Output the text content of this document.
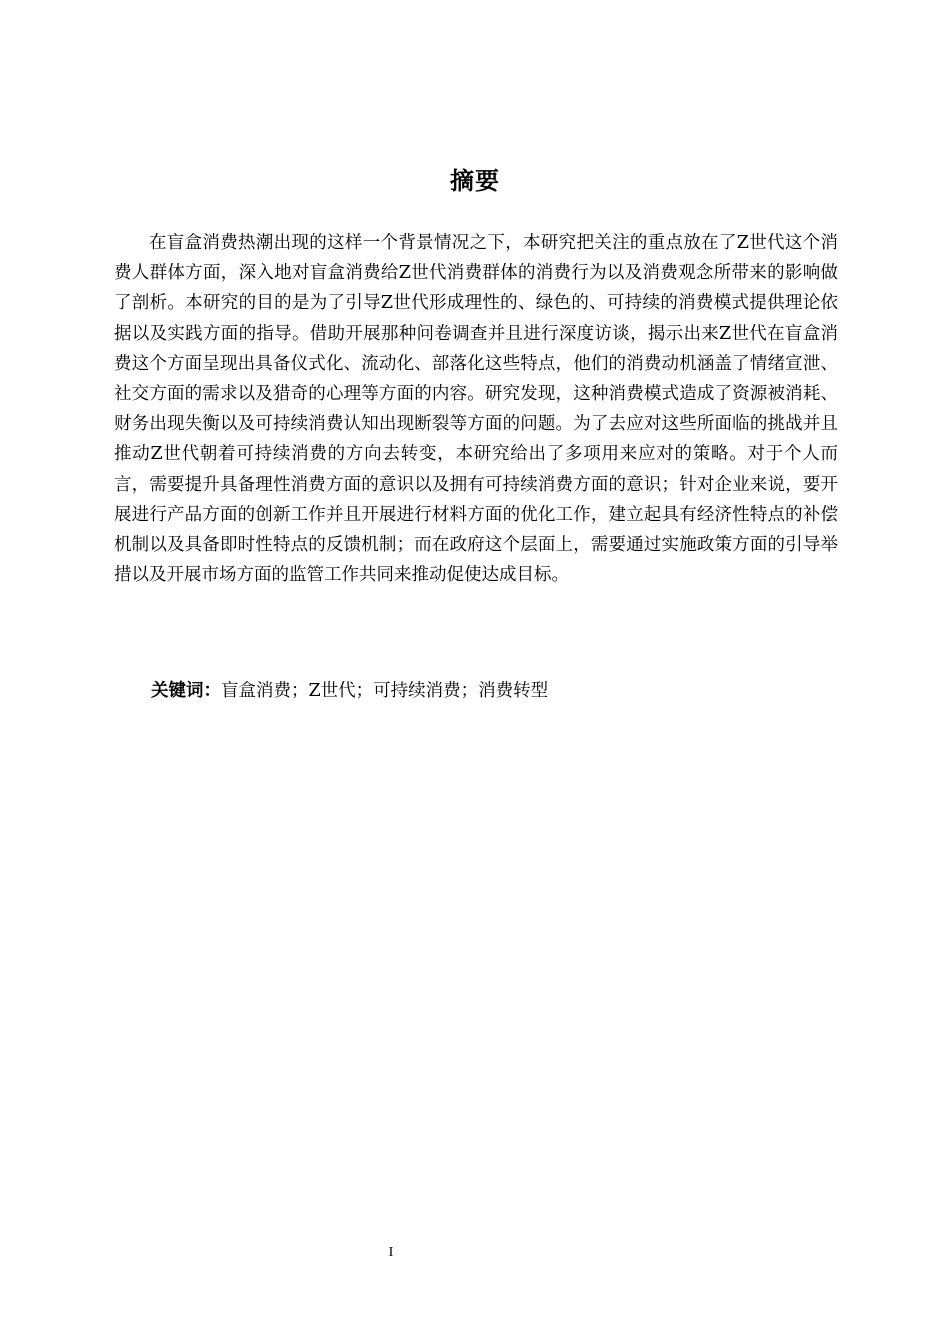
摘要

在盲盒消费热潮出现的这样一个背景情况之下，本研究把关注的重点放在了Z世代这个消费人群体方面，深入地对盲盒消费给Z世代消费群体的消费行为以及消费观念所带来的影响做了剖析。本研究的目的是为了引导Z世代形成理性的、绿色的、可持续的消费模式提供理论依据以及实践方面的指导。借助开展那种问卷调查并且进行深度访谈，揭示出来Z世代在盲盒消费这个方面呈现出具备仪式化、流动化、部落化这些特点，他们的消费动机涵盖了情绪宣泄、社交方面的需求以及猎奇的心理等方面的内容。研究发现，这种消费模式造成了资源被消耗、财务出现失衡以及可持续消费认知出现断裂等方面的问题。为了去应对这些所面临的挑战并且推动Z世代朝着可持续消费的方向去转变，本研究给出了多项用来应对的策略。对于个人而言，需要提升具备理性消费方面的意识以及拥有可持续消费方面的意识；针对企业来说，要开展进行产品方面的创新工作并且开展进行材料方面的优化工作，建立起具有经济性特点的补偿机制以及具备即时性特点的反馈机制；而在政府这个层面上，需要通过实施政策方面的引导举措以及开展市场方面的监管工作共同来推动促使达成目标。

关键词：盲盒消费；Z世代；可持续消费；消费转型
I
